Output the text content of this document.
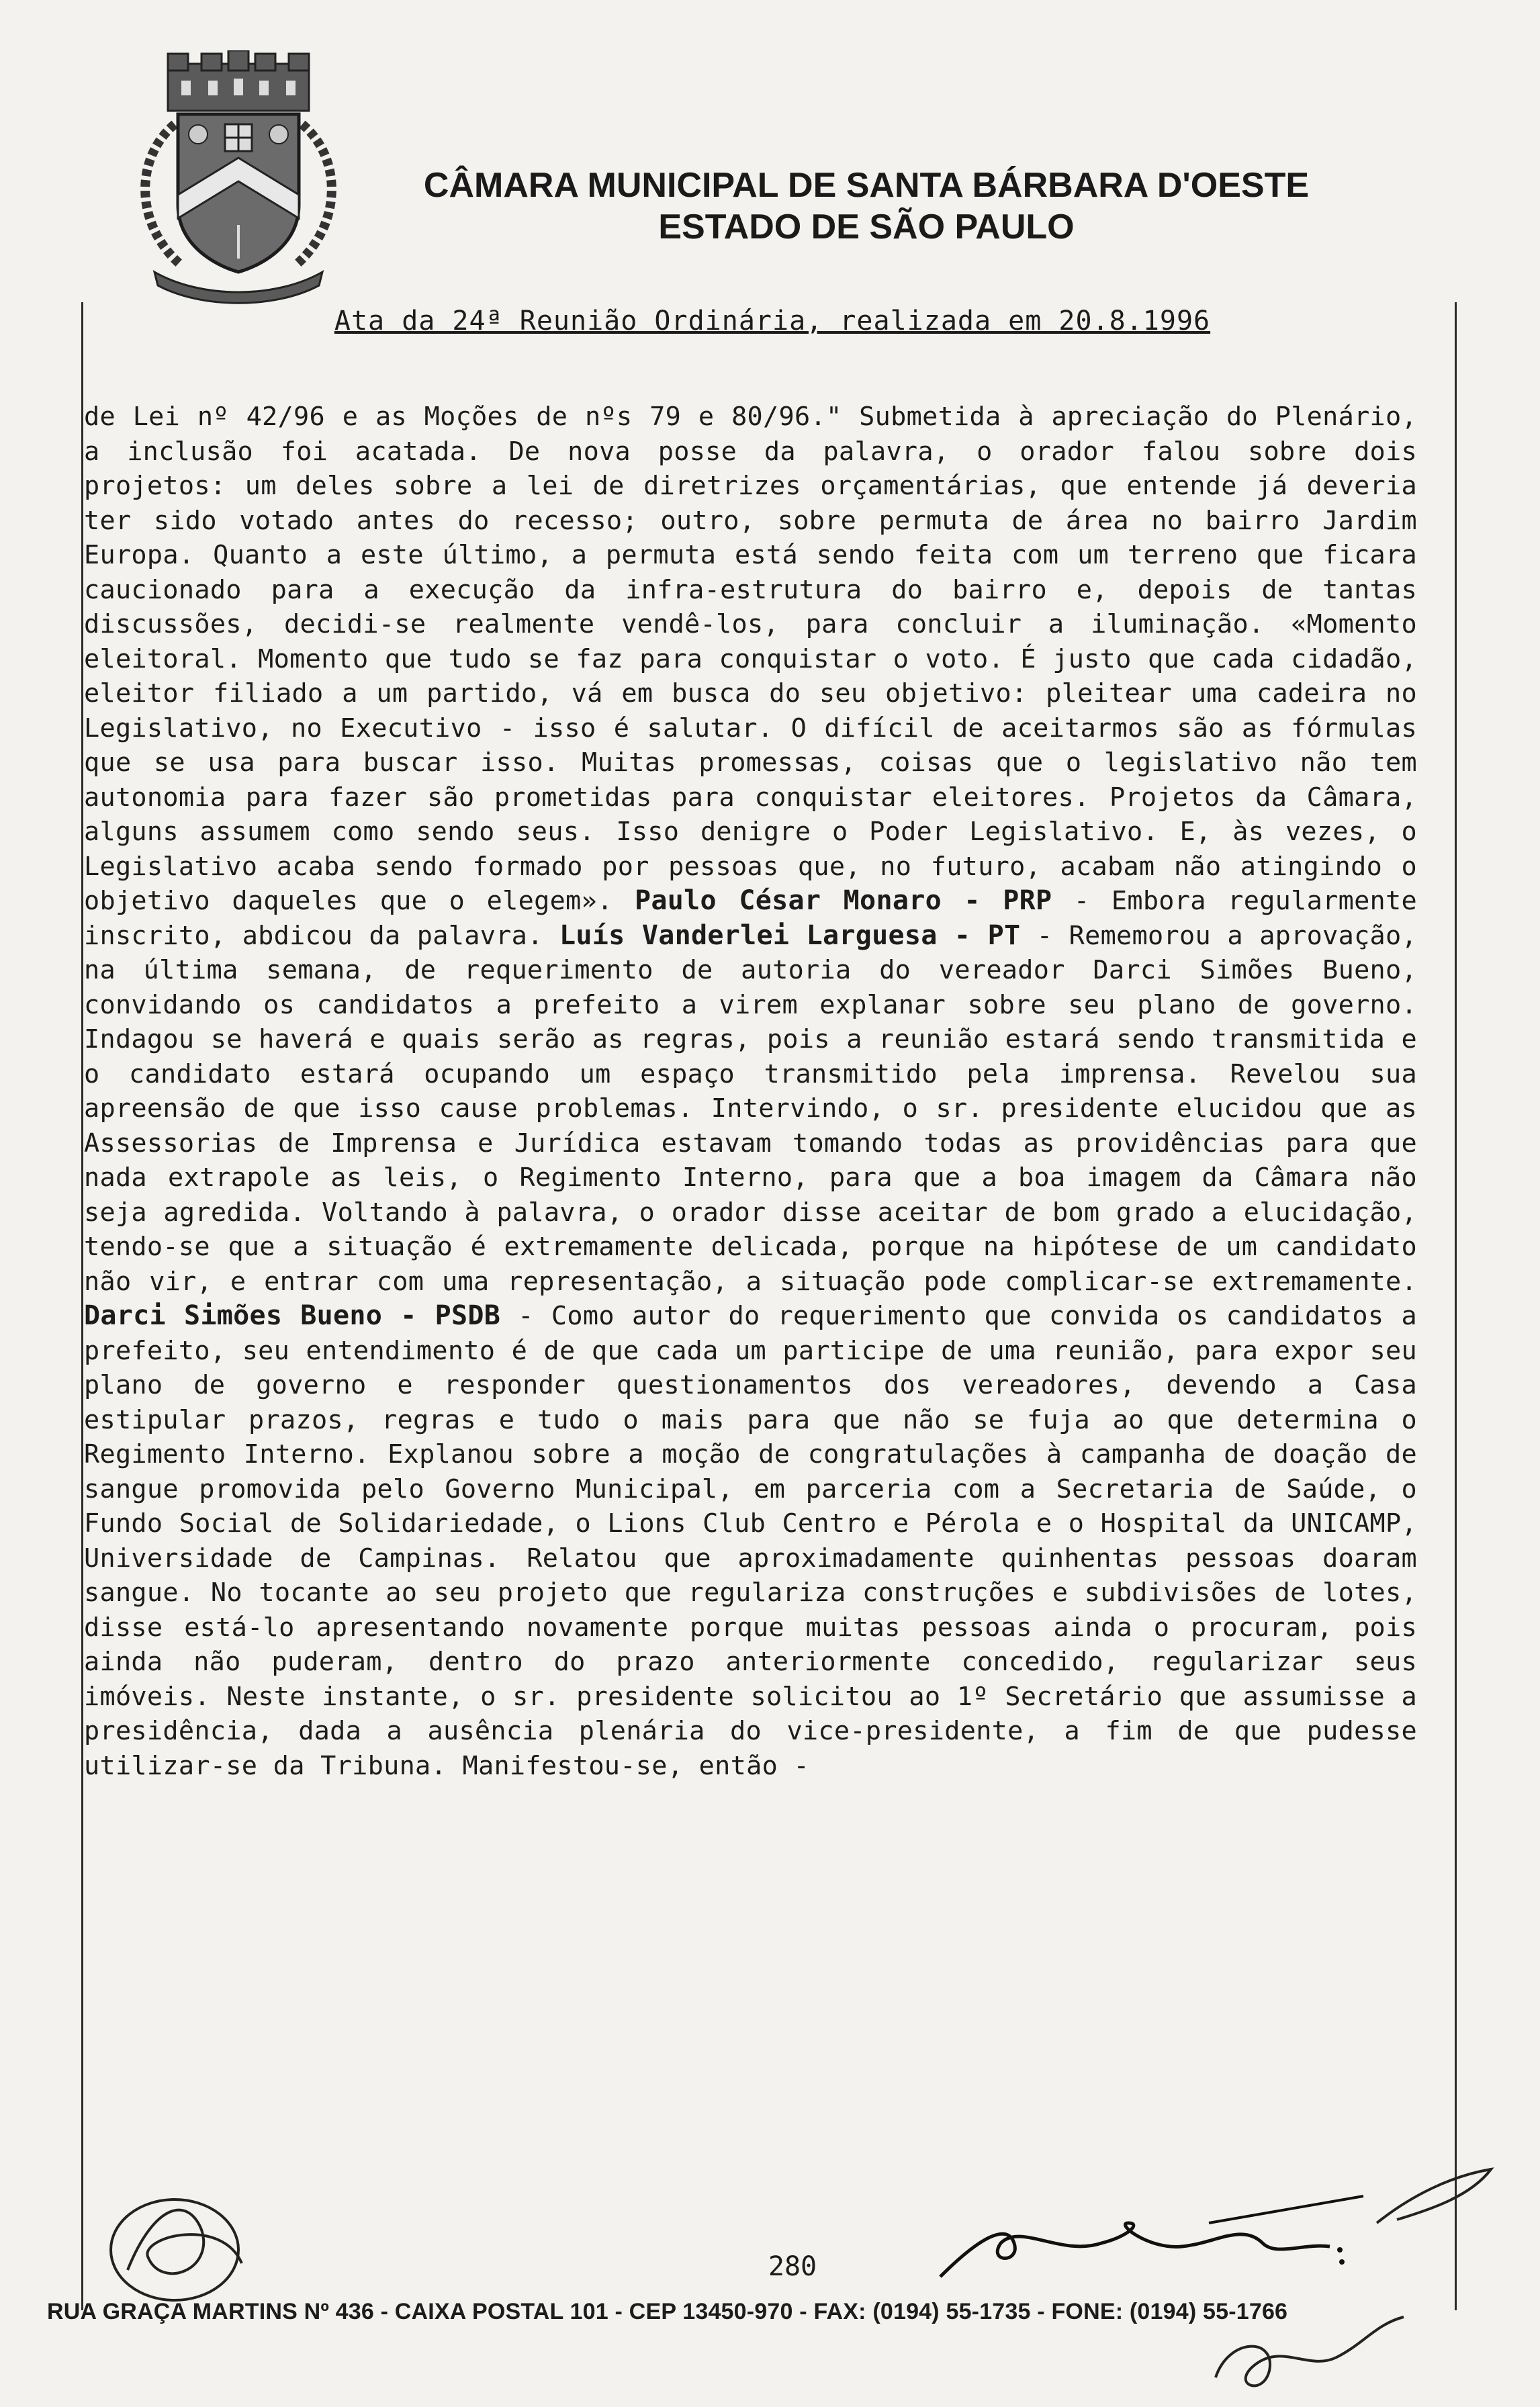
CÂMARA MUNICIPAL DE SANTA BÁRBARA D'OESTE
ESTADO DE SÃO PAULO
Ata da 24ª Reunião Ordinária, realizada em 20.8.1996
de Lei nº 42/96 e as Moções de nºs 79 e 80/96." Submetida à apreciação do Plenário, a inclusão foi acatada. De nova posse da palavra, o orador falou sobre dois projetos: um deles sobre a lei de diretrizes orçamentárias, que entende já deveria ter sido votado antes do recesso; outro, sobre permuta de área no bairro Jardim Europa. Quanto a este último, a permuta está sendo feita com um terreno que ficara caucionado para a execução da infra-estrutura do bairro e, depois de tantas discussões, decidi-se realmente vendê-los, para concluir a iluminação. «Momento eleitoral. Momento que tudo se faz para conquistar o voto. É justo que cada cidadão, eleitor filiado a um partido, vá em busca do seu objetivo: pleitear uma cadeira no Legislativo, no Executivo - isso é salutar. O difícil de aceitarmos são as fórmulas que se usa para buscar isso. Muitas promessas, coisas que o legislativo não tem autonomia para fazer são prometidas para conquistar eleitores. Projetos da Câmara, alguns assumem como sendo seus. Isso denigre o Poder Legislativo. E, às vezes, o Legislativo acaba sendo formado por pessoas que, no futuro, acabam não atingindo o objetivo daqueles que o elegem». Paulo César Monaro - PRP - Embora regularmente inscrito, abdicou da palavra. Luís Vanderlei Larguesa - PT - Rememorou a aprovação, na última semana, de requerimento de autoria do vereador Darci Simões Bueno, convidando os candidatos a prefeito a virem explanar sobre seu plano de governo. Indagou se haverá e quais serão as regras, pois a reunião estará sendo transmitida e o candidato estará ocupando um espaço transmitido pela imprensa. Revelou sua apreensão de que isso cause problemas. Intervindo, o sr. presidente elucidou que as Assessorias de Imprensa e Jurídica estavam tomando todas as providências para que nada extrapole as leis, o Regimento Interno, para que a boa imagem da Câmara não seja agredida. Voltando à palavra, o orador disse aceitar de bom grado a elucidação, tendo-se que a situação é extremamente delicada, porque na hipótese de um candidato não vir, e entrar com uma representação, a situação pode complicar-se extremamente. Darci Simões Bueno - PSDB - Como autor do requerimento que convida os candidatos a prefeito, seu entendimento é de que cada um participe de uma reunião, para expor seu plano de governo e responder questionamentos dos vereadores, devendo a Casa estipular prazos, regras e tudo o mais para que não se fuja ao que determina o Regimento Interno. Explanou sobre a moção de congratulações à campanha de doação de sangue promovida pelo Governo Municipal, em parceria com a Secretaria de Saúde, o Fundo Social de Solidariedade, o Lions Club Centro e Pérola e o Hospital da UNICAMP, Universidade de Campinas. Relatou que aproximadamente quinhentas pessoas doaram sangue. No tocante ao seu projeto que regulariza construções e subdivisões de lotes, disse está-lo apresentando novamente porque muitas pessoas ainda o procuram, pois ainda não puderam, dentro do prazo anteriormente concedido, regularizar seus imóveis. Neste instante, o sr. presidente solicitou ao 1º Secretário que assumisse a presidência, dada a ausência plenária do vice-presidente, a fim de que pudesse utilizar-se da Tribuna. Manifestou-se, então -
280
RUA GRAÇA MARTINS Nº 436 - CAIXA POSTAL 101 - CEP 13450-970 - FAX: (0194) 55-1735 - FONE: (0194) 55-1766
